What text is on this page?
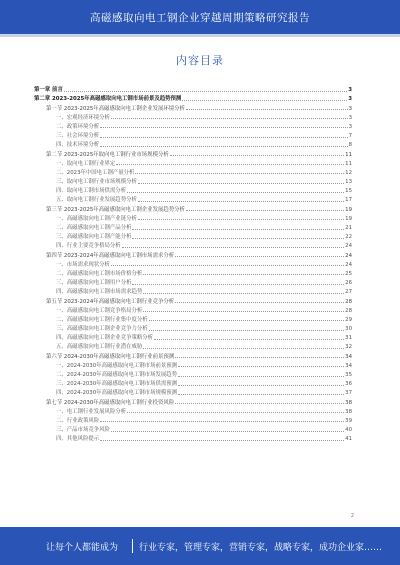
高磁感取向电工钢企业穿越周期策略研究报告
内容目录
第一章 前言	3
第二章 2023-2025年高磁感取向电工钢市场前景及趋势预测	3
第一节 2023-2025年高磁感取向电工钢企业发展环境分析	3
一、宏观经济环境分析	3
二、政策环境分析	3
三、社会环境分析	7
四、技术环境分析	8
第二节 2023-2025年取向电工钢行业市场规模分析	11
一、取向电工钢行业界定	11
二、2023年中国电工钢产量分析	12
三、取向电工钢行业市场规模分析	13
四、取向电工钢市场供需分析	15
五、取向电工钢行业发展趋势分析	17
第三节 2023-2025年高磁感取向电工钢企业发展趋势分析	19
一、高磁感取向电工钢产业链分析	19
二、高磁感取向电工钢产品分析	21
三、高磁感取向电工钢产能分析	22
四、行业主要竞争格局分析	24
第四节 2023-2024年高磁感取向电工钢市场需求分析	24
一、市场需求现状分析	24
二、高磁感取向电工钢市场价格分析	25
三、高磁感取向电工钢用户分析	26
四、高磁感取向电工钢市场需求趋势	27
第五节 2023-2024年高磁感取向电工钢行业竞争分析	28
一、高磁感取向电工钢竞争格局分析	28
二、高磁感取向电工钢行业集中度分析	29
三、高磁感取向电工钢企业竞争力分析	30
四、高磁感取向电工钢企业竞争策略分析	31
五、高磁感取向电工钢行业潜在威胁	32
第六节 2024-2030年高磁感取向电工钢行业前景预测	34
一、2024-2030年高磁感取向电工钢市场前景预测	34
二、2024-2030年高磁感取向电工钢市场发展趋势	35
三、2024-2030年高磁感取向电工钢市场供需预测	36
四、2024-2030年高磁感取向电工钢市场规模预测	37
第七节 2024-2030年高磁感取向电工钢行业投资风险	38
一、电工钢行业发展风险分析	38
二、行业政策风险	39
三、产品市场竞争风险	40
四、其他风险提示	41
2
让每个人都能成为 行业专家，管理专家，营销专家，战略专家，成功企业家……
